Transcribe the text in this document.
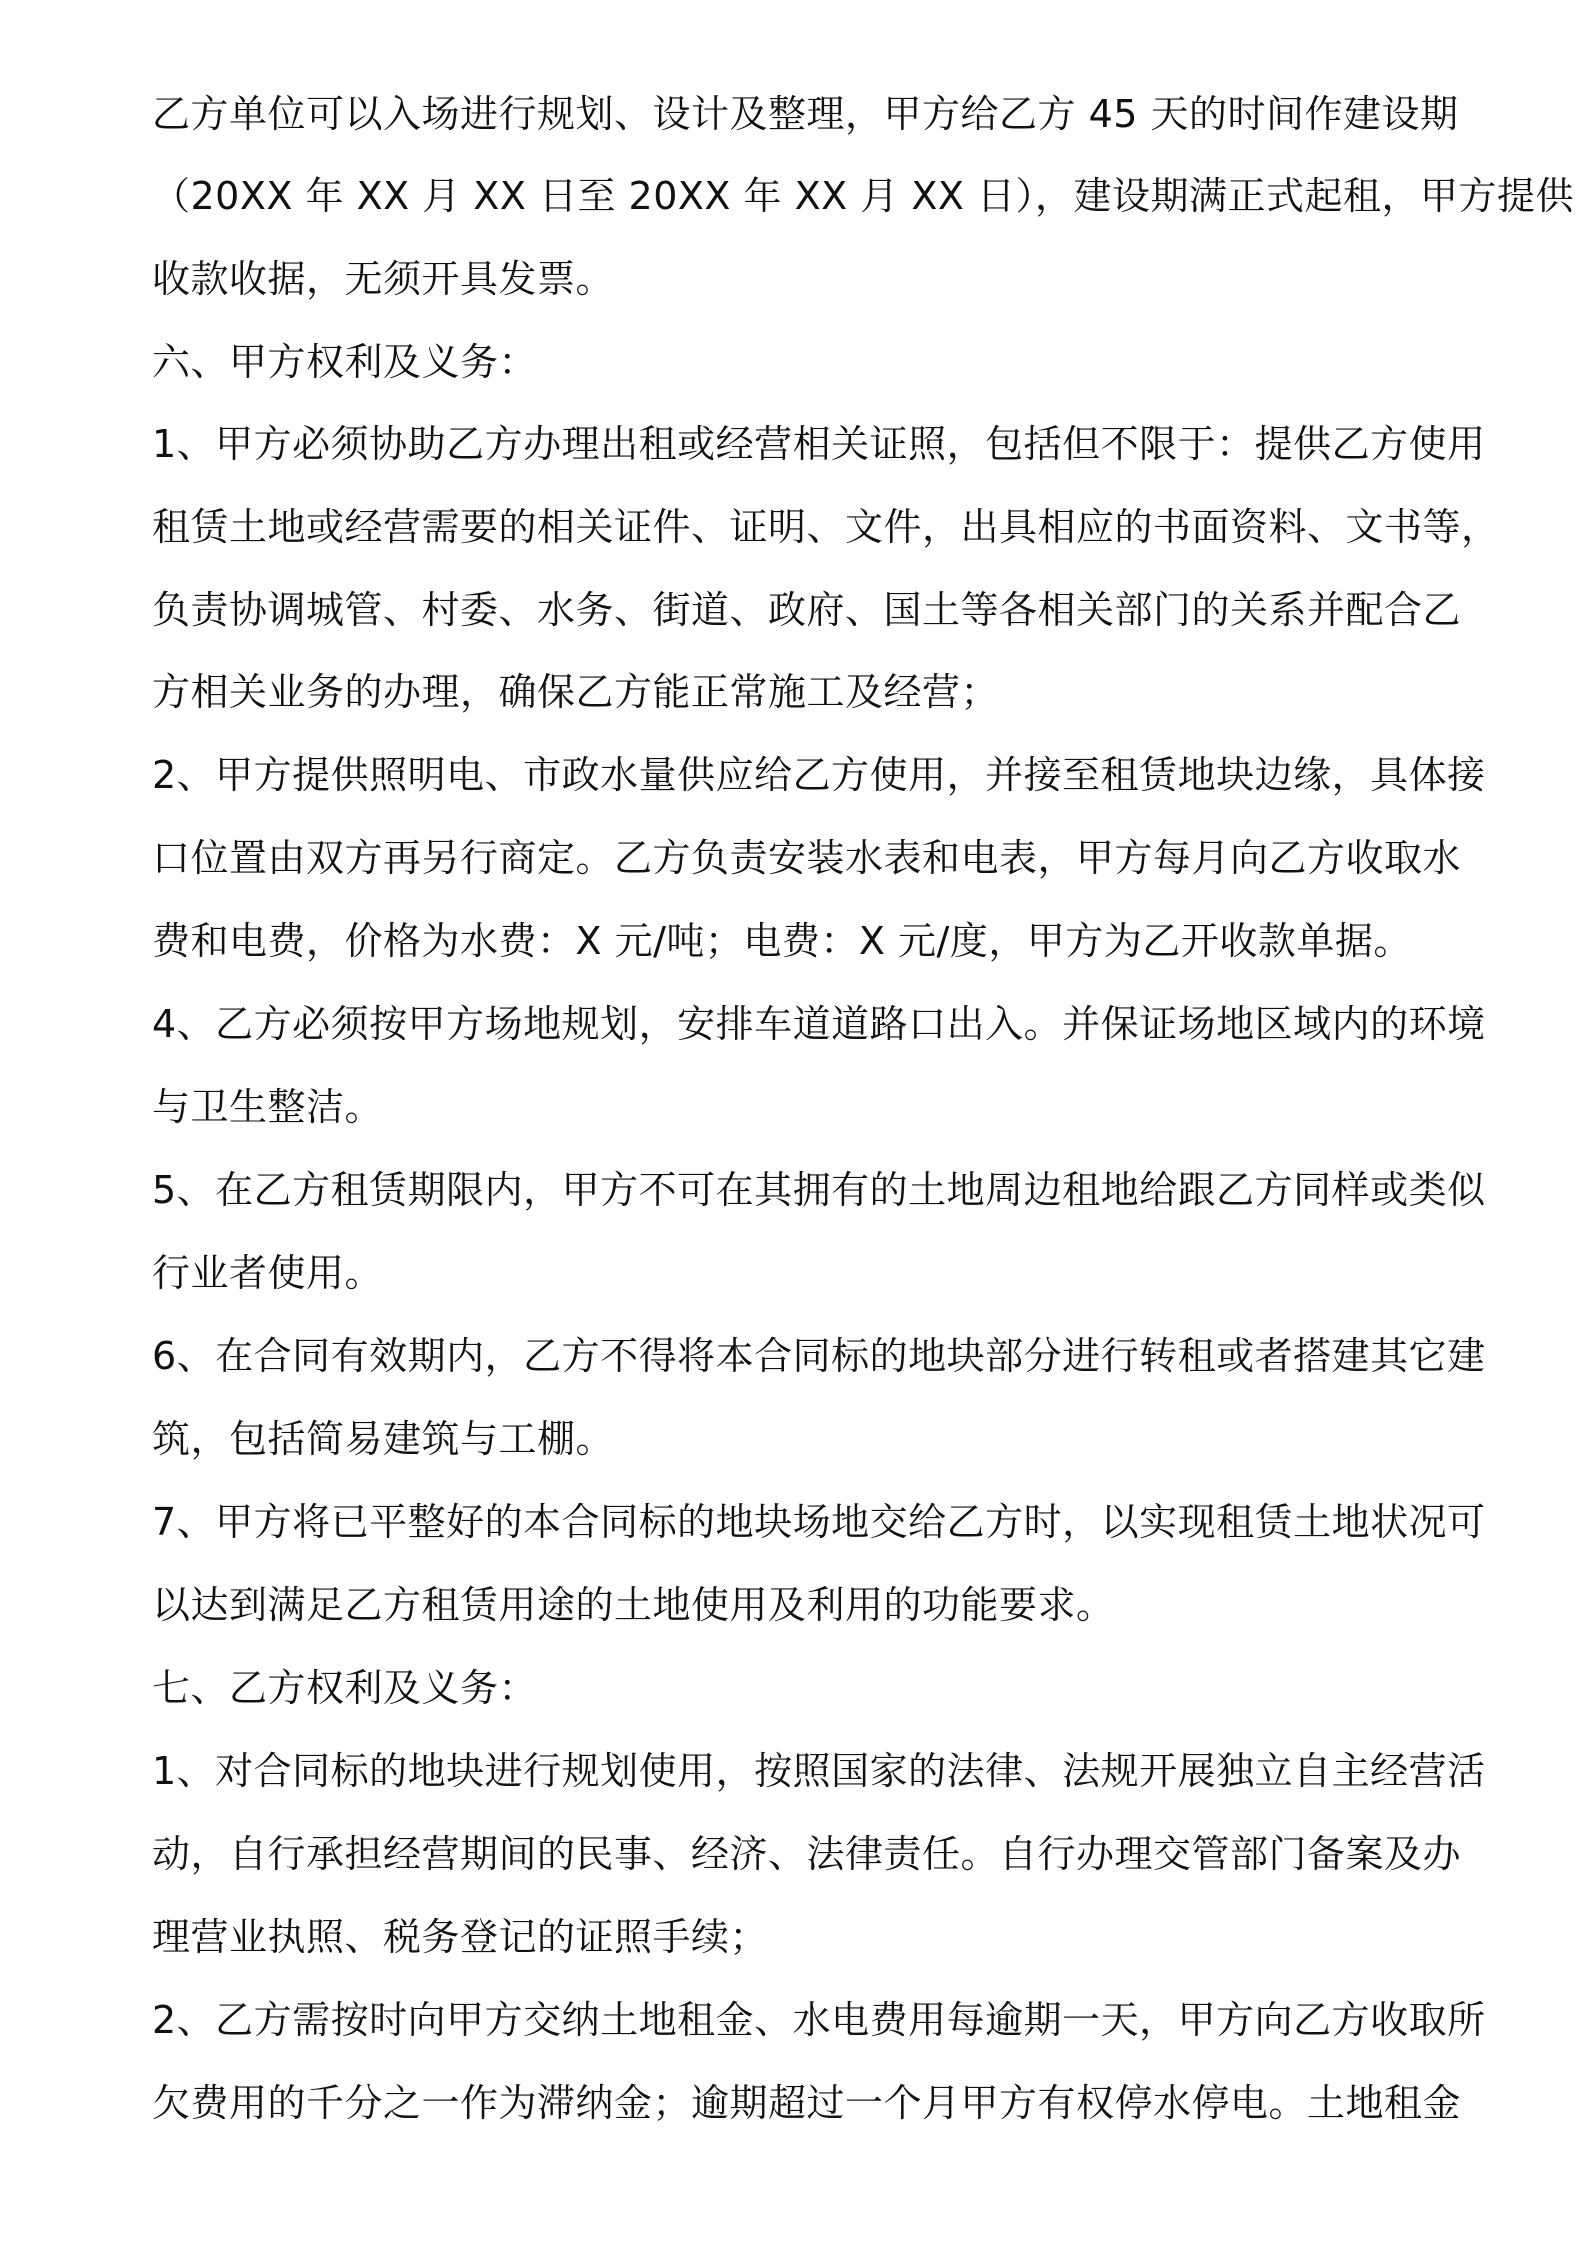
乙方单位可以入场进行规划、设计及整理，甲方给乙方 45 天的时间作建设期
（20XX 年 XX 月 XX 日至 20XX 年 XX 月 XX 日），建设期满正式起租，甲方提供
收款收据，无须开具发票。
六、甲方权利及义务：
1、甲方必须协助乙方办理出租或经营相关证照，包括但不限于：提供乙方使用
租赁土地或经营需要的相关证件、证明、文件，出具相应的书面资料、文书等，
负责协调城管、村委、水务、街道、政府、国土等各相关部门的关系并配合乙
方相关业务的办理，确保乙方能正常施工及经营；
2、甲方提供照明电、市政水量供应给乙方使用，并接至租赁地块边缘，具体接
口位置由双方再另行商定。乙方负责安装水表和电表，甲方每月向乙方收取水
费和电费，价格为水费：X 元/吨；电费：X 元/度，甲方为乙开收款单据。
4、乙方必须按甲方场地规划，安排车道道路口出入。并保证场地区域内的环境
与卫生整洁。
5、在乙方租赁期限内，甲方不可在其拥有的土地周边租地给跟乙方同样或类似
行业者使用。
6、在合同有效期内，乙方不得将本合同标的地块部分进行转租或者搭建其它建
筑，包括简易建筑与工棚。
7、甲方将已平整好的本合同标的地块场地交给乙方时，以实现租赁土地状况可
以达到满足乙方租赁用途的土地使用及利用的功能要求。
七、乙方权利及义务：
1、对合同标的地块进行规划使用，按照国家的法律、法规开展独立自主经营活
动，自行承担经营期间的民事、经济、法律责任。自行办理交管部门备案及办
理营业执照、税务登记的证照手续；
2、乙方需按时向甲方交纳土地租金、水电费用每逾期一天，甲方向乙方收取所
欠费用的千分之一作为滞纳金；逾期超过一个月甲方有权停水停电。土地租金
